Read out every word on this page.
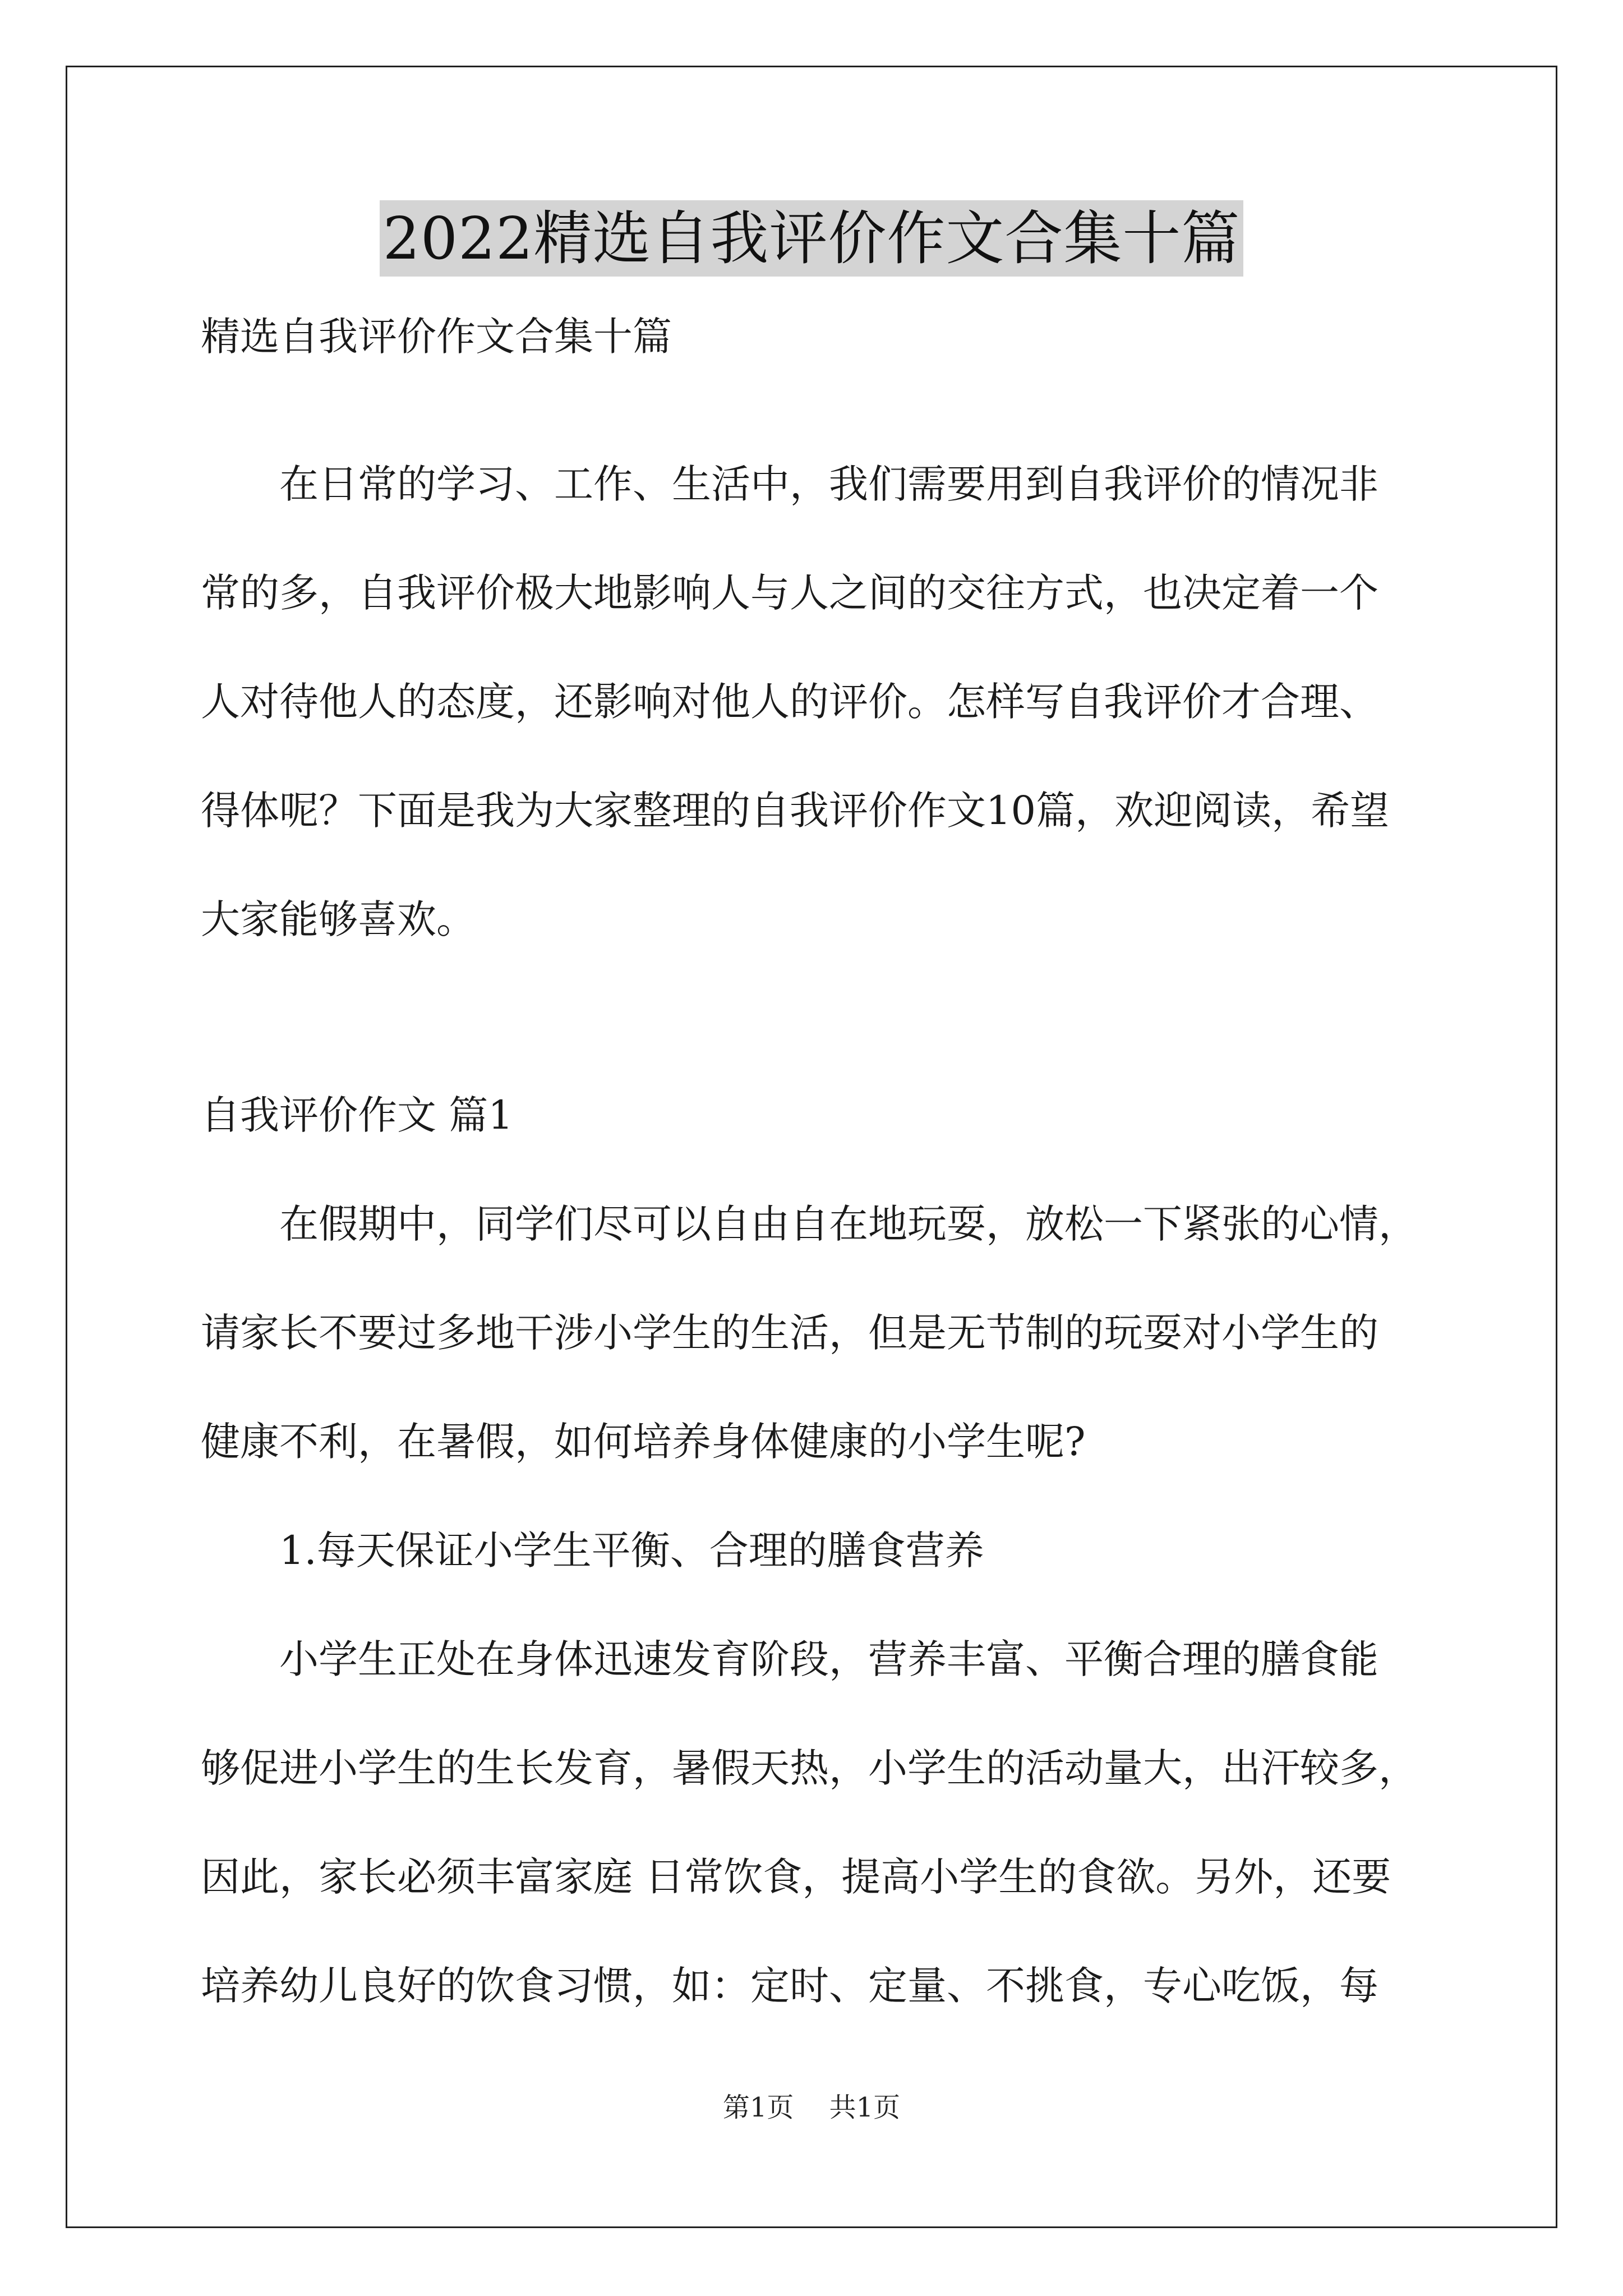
2022精选自我评价作文合集十篇
精选自我评价作文合集十篇
在日常的学习、工作、生活中，我们需要用到自我评价的情况非
常的多，自我评价极大地影响人与人之间的交往方式，也决定着一个
人对待他人的态度，还影响对他人的评价。怎样写自我评价才合理、
得体呢？下面是我为大家整理的自我评价作文10篇，欢迎阅读，希望
大家能够喜欢。
自我评价作文 篇1
在假期中，同学们尽可以自由自在地玩耍，放松一下紧张的心情，
请家长不要过多地干涉小学生的生活，但是无节制的玩耍对小学生的
健康不利，在暑假，如何培养身体健康的小学生呢?
1.每天保证小学生平衡、合理的膳食营养
小学生正处在身体迅速发育阶段，营养丰富、平衡合理的膳食能
够促进小学生的生长发育，暑假天热，小学生的活动量大，出汗较多，
因此，家长必须丰富家庭 日常饮食，提高小学生的食欲。另外，还要
培养幼儿良好的饮食习惯，如：定时、定量、不挑食，专心吃饭，每
第1页 共1页
